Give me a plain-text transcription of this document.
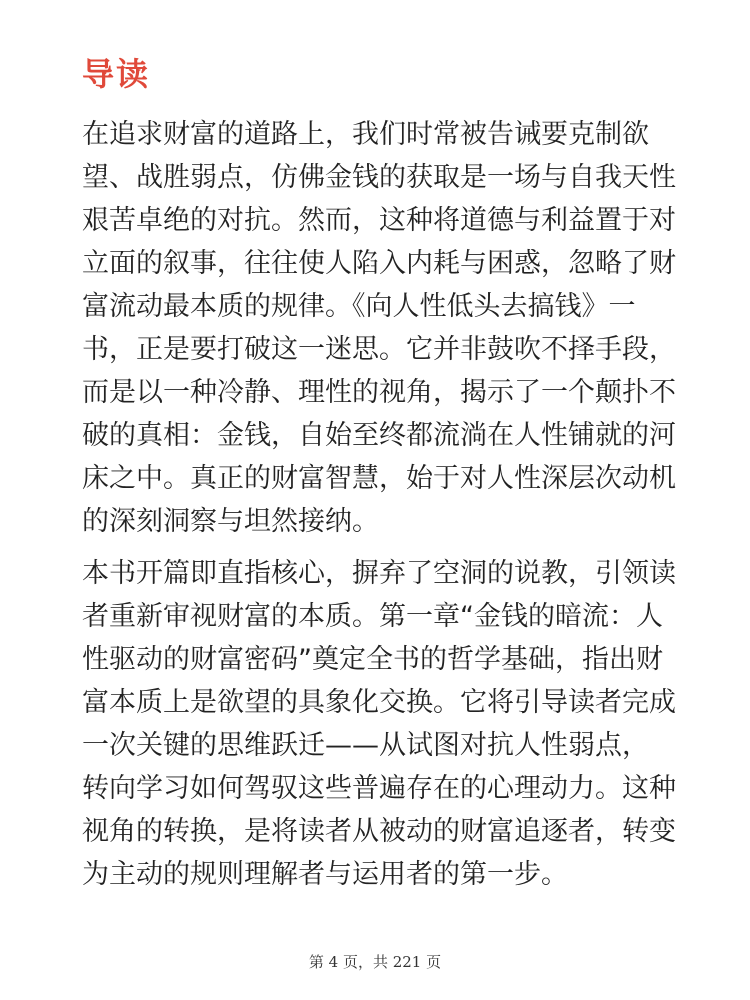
导读

在追求财富的道路上，我们时常被告诫要克制欲
望、战胜弱点，仿佛金钱的获取是一场与自我天性
艰苦卓绝的对抗。然而，这种将道德与利益置于对
立面的叙事，往往使人陷入内耗与困惑，忽略了财
富流动最本质的规律。《向人性低头去搞钱》一
书，正是要打破这一迷思。它并非鼓吹不择手段，
而是以一种冷静、理性的视角，揭示了一个颠扑不
破的真相：金钱，自始至终都流淌在人性铺就的河
床之中。真正的财富智慧，始于对人性深层次动机
的深刻洞察与坦然接纳。

本书开篇即直指核心，摒弃了空洞的说教，引领读
者重新审视财富的本质。第一章“金钱的暗流：人
性驱动的财富密码”奠定全书的哲学基础，指出财
富本质上是欲望的具象化交换。它将引导读者完成
一次关键的思维跃迁——从试图对抗人性弱点，
转向学习如何驾驭这些普遍存在的心理动力。这种
视角的转换，是将读者从被动的财富追逐者，转变
为主动的规则理解者与运用者的第一步。

第 4 页，共 221 页
